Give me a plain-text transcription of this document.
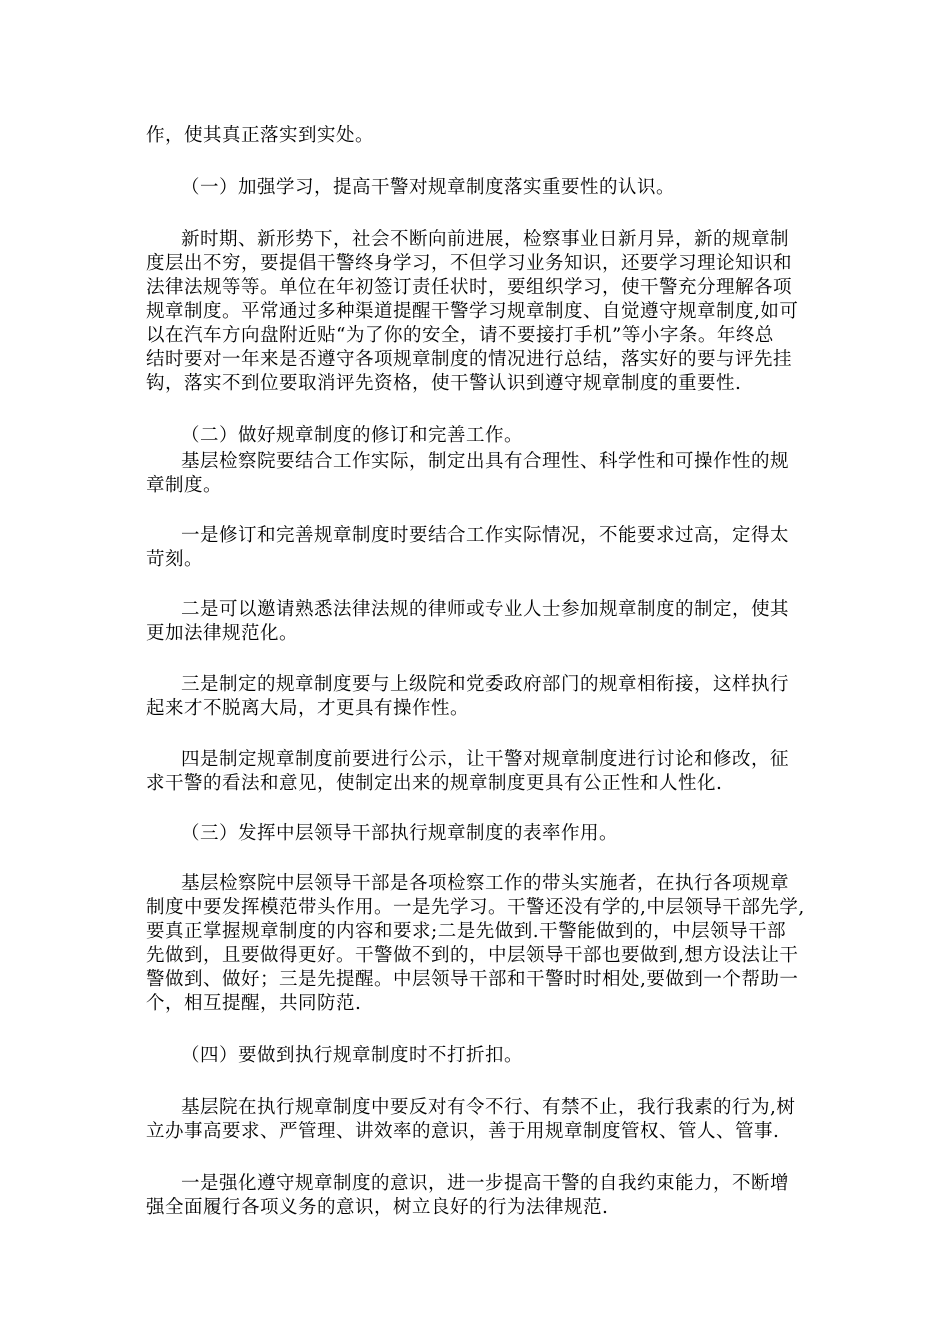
作，使其真正落实到实处。
（一）加强学习，提高干警对规章制度落实重要性的认识。
新时期、新形势下，社会不断向前进展，检察事业日新月异，新的规章制
度层出不穷，要提倡干警终身学习，不但学习业务知识，还要学习理论知识和
法律法规等等。单位在年初签订责任状时，要组织学习，使干警充分理解各项
规章制度。平常通过多种渠道提醒干警学习规章制度、自觉遵守规章制度,如可
以在汽车方向盘附近贴“为了你的安全，请不要接打手机”等小字条。年终总
结时要对一年来是否遵守各项规章制度的情况进行总结，落实好的要与评先挂
钩，落实不到位要取消评先资格，使干警认识到遵守规章制度的重要性.
（二）做好规章制度的修订和完善工作。
基层检察院要结合工作实际，制定出具有合理性、科学性和可操作性的规
章制度。
一是修订和完善规章制度时要结合工作实际情况，不能要求过高，定得太
苛刻。
二是可以邀请熟悉法律法规的律师或专业人士参加规章制度的制定，使其
更加法律规范化。
三是制定的规章制度要与上级院和党委政府部门的规章相衔接，这样执行
起来才不脱离大局，才更具有操作性。
四是制定规章制度前要进行公示，让干警对规章制度进行讨论和修改，征
求干警的看法和意见，使制定出来的规章制度更具有公正性和人性化.
（三）发挥中层领导干部执行规章制度的表率作用。
基层检察院中层领导干部是各项检察工作的带头实施者，在执行各项规章
制度中要发挥模范带头作用。一是先学习。干警还没有学的,中层领导干部先学,
要真正掌握规章制度的内容和要求;二是先做到.干警能做到的，中层领导干部
先做到，且要做得更好。干警做不到的，中层领导干部也要做到,想方设法让干
警做到、做好；三是先提醒。中层领导干部和干警时时相处,要做到一个帮助一
个，相互提醒，共同防范.
（四）要做到执行规章制度时不打折扣。
基层院在执行规章制度中要反对有令不行、有禁不止，我行我素的行为,树
立办事高要求、严管理、讲效率的意识，善于用规章制度管权、管人、管事.
一是强化遵守规章制度的意识，进一步提高干警的自我约束能力，不断增
强全面履行各项义务的意识，树立良好的行为法律规范.
